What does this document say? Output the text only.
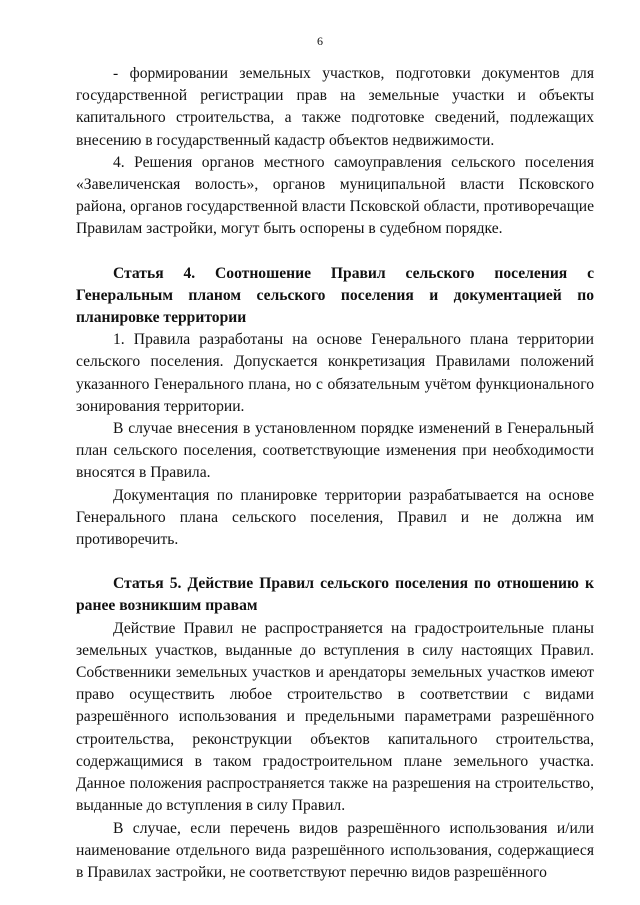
6

- формировании земельных участков, подготовки документов для государственной регистрации прав на земельные участки и объекты капитального строительства, а также подготовке сведений, подлежащих внесению в государственный кадастр объектов недвижимости.

4. Решения органов местного самоуправления сельского поселения «Завеличенская волость», органов муниципальной власти Псковского района, органов государственной власти Псковской области, противоречащие Правилам застройки, могут быть оспорены в судебном порядке.

Статья 4. Соотношение Правил сельского поселения с Генеральным планом сельского поселения и документацией по планировке территории

1. Правила разработаны на основе Генерального плана территории сельского поселения. Допускается конкретизация Правилами положений указанного Генерального плана, но с обязательным учётом функционального зонирования территории.

В случае внесения в установленном порядке изменений в Генеральный план сельского поселения, соответствующие изменения при необходимости вносятся в Правила.

Документация по планировке территории разрабатывается на основе Генерального плана сельского поселения, Правил и не должна им противоречить.

Статья 5. Действие Правил сельского поселения по отношению к ранее возникшим правам

Действие Правил не распространяется на градостроительные планы земельных участков, выданные до вступления в силу настоящих Правил. Собственники земельных участков и арендаторы земельных участков имеют право осуществить любое строительство в соответствии с видами разрешённого использования и предельными параметрами разрешённого строительства, реконструкции объектов капитального строительства, содержащимися в таком градостроительном плане земельного участка. Данное положения распространяется также на разрешения на строительство, выданные до вступления в силу Правил.

В случае, если перечень видов разрешённого использования и/или наименование отдельного вида разрешённого использования, содержащиеся в Правилах застройки, не соответствуют перечню видов разрешённого
